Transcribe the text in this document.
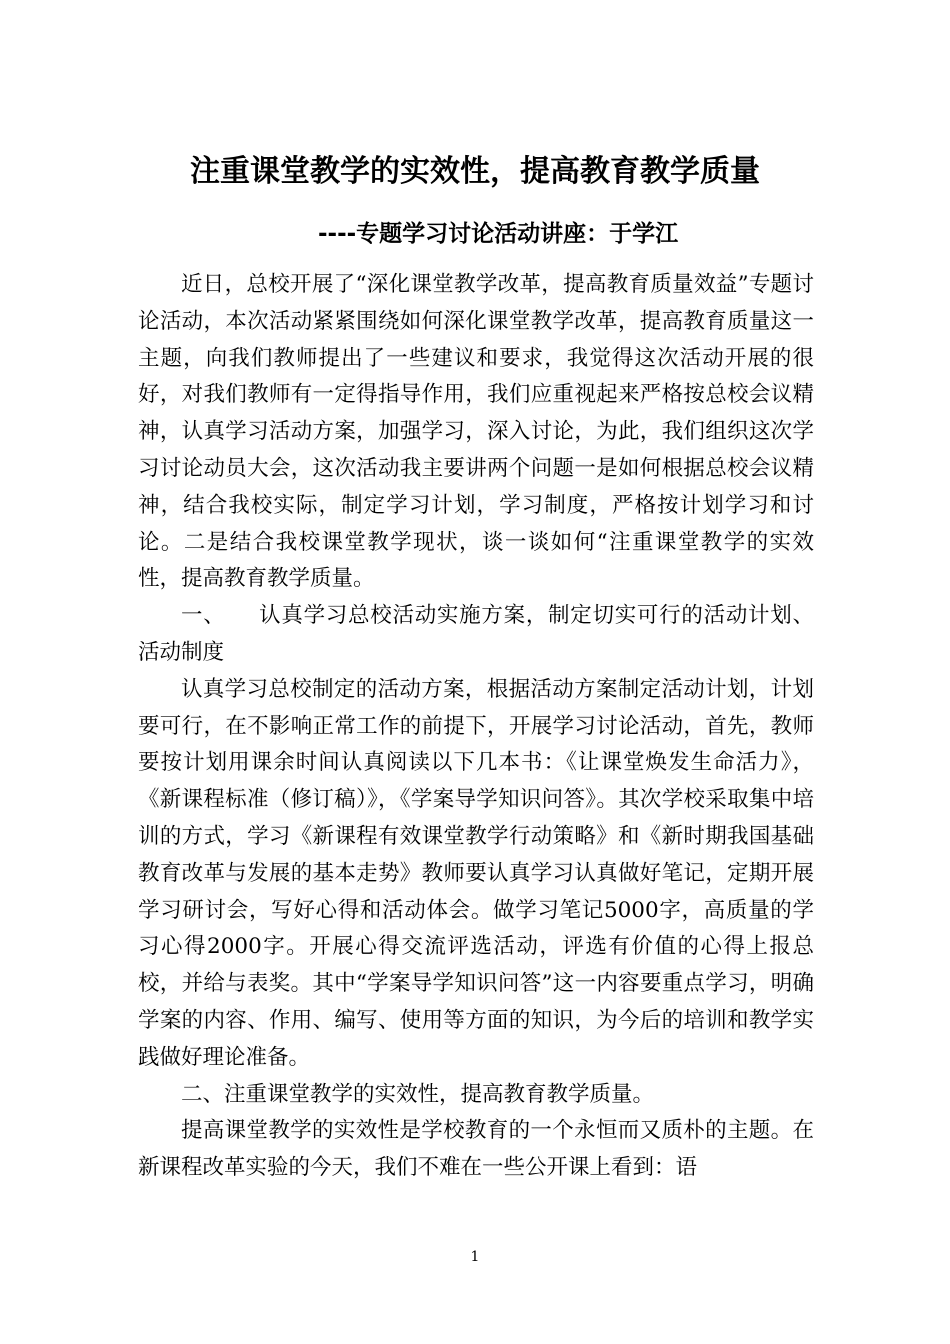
注重课堂教学的实效性，提高教育教学质量
----专题学习讨论活动讲座：于学江

近日，总校开展了“深化课堂教学改革，提高教育质量效益”专题讨论活动，本次活动紧紧围绕如何深化课堂教学改革，提高教育质量这一主题，向我们教师提出了一些建议和要求，我觉得这次活动开展的很好，对我们教师有一定得指导作用，我们应重视起来严格按总校会议精神，认真学习活动方案，加强学习，深入讨论，为此，我们组织这次学习讨论动员大会，这次活动我主要讲两个问题一是如何根据总校会议精神，结合我校实际，制定学习计划，学习制度，严格按计划学习和讨论。二是结合我校课堂教学现状，谈一谈如何“注重课堂教学的实效性，提高教育教学质量。

一、　　认真学习总校活动实施方案，制定切实可行的活动计划、活动制度

认真学习总校制定的活动方案，根据活动方案制定活动计划，计划要可行，在不影响正常工作的前提下，开展学习讨论活动，首先，教师要按计划用课余时间认真阅读以下几本书：《让课堂焕发生命活力》，《新课程标准（修订稿）》，《学案导学知识问答》。其次学校采取集中培训的方式，学习《新课程有效课堂教学行动策略》和《新时期我国基础教育改革与发展的基本走势》教师要认真学习认真做好笔记，定期开展学习研讨会，写好心得和活动体会。做学习笔记5000字，高质量的学习心得2000字。开展心得交流评选活动，评选有价值的心得上报总校，并给与表奖。其中“学案导学知识问答”这一内容要重点学习，明确学案的内容、作用、编写、使用等方面的知识，为今后的培训和教学实践做好理论准备。

二、注重课堂教学的实效性，提高教育教学质量。

提高课堂教学的实效性是学校教育的一个永恒而又质朴的主题。在新课程改革实验的今天，我们不难在一些公开课上看到：语

1
